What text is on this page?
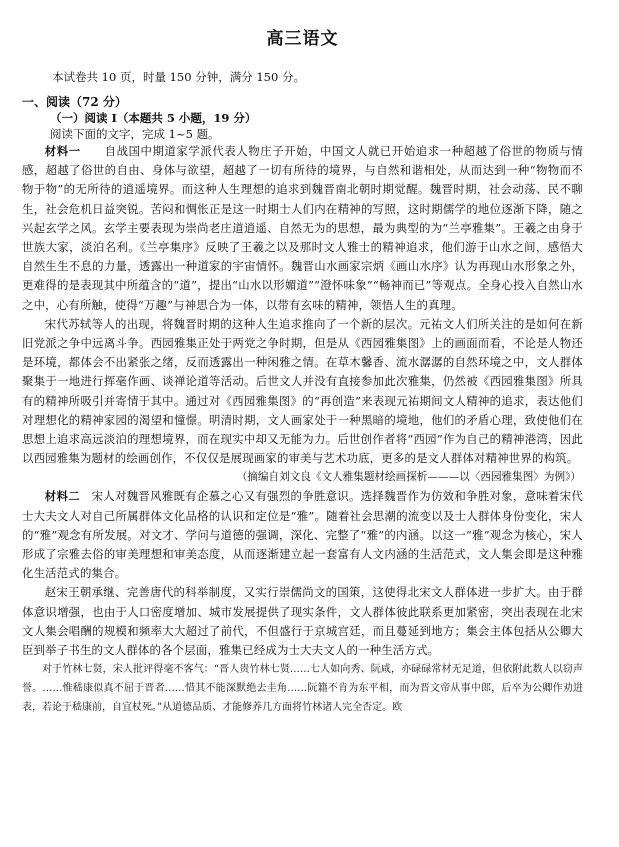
高三语文
本试卷共 10 页，时量 150 分钟，满分 150 分。
一、阅读（72 分）
（一）阅读 I（本题共 5 小题，19 分）
阅读下面的文字，完成 1~5 题。

材料一　　 自战国中期道家学派代表人物庄子开始，中国文人就已开始追求一种超越了俗世的物质与情感，超越了俗世的自由、身体与欲望，超越了一切有所待的境界，与自然和谐相处，从而达到一种“物物而不物于物”的无所待的逍遥境界。而这种人生理想的追求到魏晋南北朝时期觉醒。魏晋时期，社会动荡、民不聊生，社会危机日益突锐。苦闷和惆怅正是这一时期士人们内在精神的写照，这时期儒学的地位逐渐下降，随之兴起玄学之风。玄学主要表现为崇尚老庄道逍遥、自然无为的思想，最为典型的为“兰亭雅集”。王羲之由身于世族大家，淡泊名利。《兰亭集序》反映了王羲之以及那时文人雅士的精神追求，他们游于山水之间，感悟大自然生生不息的力量，透露出一种道家的宇宙情怀。魏晋山水画家宗炳《画山水序》认为再现山水形象之外，更难得的是表现其中所蕴含的“道”，提出“山水以形媚道”“澄怀味象”“畅神而已”等观点。全身心投入自然山水之中，心有所触，使得“万趣”与神思合为一体，以带有玄味的精神，领悟人生的真理。

宋代苏轼等人的出现，将魏晋时期的这种人生追求推向了一个新的层次。元祐文人们所关注的是如何在新旧党派之争中远离斗争。西园雅集正处于两党之争时期，但是从《西园雅集图》上的画面而看，不论是人物还是环境，都体会不出紧张之绪，反而透露出一种闲雅之情。在草木馨香、流水潺潺的自然环境之中，文人群体聚集于一地进行挥毫作画、谈禅论道等活动。后世文人并没有直接参加此次雅集，仍然被《西园雅集图》所具有的精神所吸引并寄情于其中。通过对《西园雅集图》的“再创造”来表现元祐期间文人精神的追求，表达他们对理想化的精神家园的渴望和憧憬。明清时期，文人画家处于一种黑暗的境地，他们的矛盾心理，致使他们在思想上追求高远淡泊的理想境界，而在现实中却又无能为力。后世创作者将“西园”作为自己的精神港湾，因此以西园雅集为题材的绘画创作，不仅仅是展现画家的审美与艺术功底，更多的是文人群体对精神世界的构筑。

（摘编自刘文良《文人雅集题材绘画探析———以〈西园雅集图〉为例》）

材料二　 宋人对魏晋风雅既有企慕之心又有强烈的争胜意识。选择魏晋作为仿效和争胜对象，意味着宋代士大夫文人对自己所属群体文化品格的认识和定位是“雅”。随着社会思潮的流变以及士人群体身份变化，宋人的“雅”观念有所发展。对文才、学问与道德的强调，深化、完整了“雅”的内涵。以这一“雅”观念为核心，宋人形成了宗雅去俗的审美理想和审美态度，从而逐渐建立起一套富有人文内涵的生活范式，文人集会即是这种雅化生活范式的集合。

赵宋王朝承继、完善唐代的科举制度，又实行崇儒尚文的国策，这使得北宋文人群体进一步扩大。由于群体意识增强，也由于人口密度增加、城市发展提供了现实条件，文人群体彼此联系更加紧密，突出表现在北宋文人集会唱酬的规模和频率大大超过了前代，不但盛行于京城宫廷，而且蔓延到地方；集会主体包括从公卿大臣到举子书生的文人群体的各个层面，雅集已经成为士大夫文人的一种生活方式。

对于竹林七贤，宋人批评得毫不客气：“晋人贵竹林七贤……七人如向秀、阮咸，亦碌碌常材无足道，但依附此数人以窃声誉。……惟嵇康似真不屈于晋者……惜其不能深默绝去圭角……阮籍不肯为东平相，而为晋文帝从事中郎，后卒为公卿作劝进表，若论于嵇康前，自宜杖死。”从道德品质、才能修养几方面将竹林诸人完全否定。欧
